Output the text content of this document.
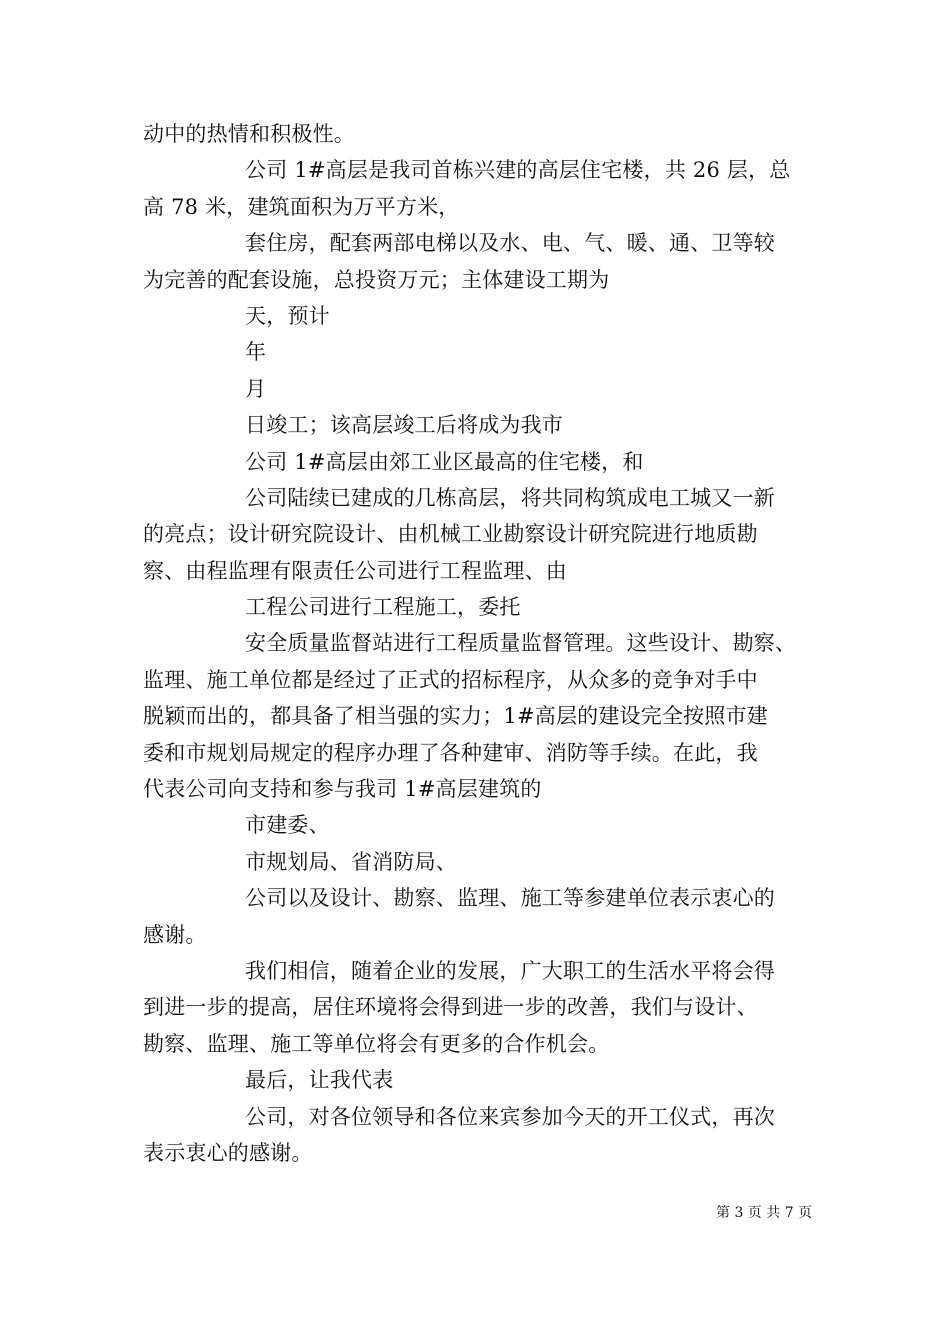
动中的热情和积极性。
公司 1#高层是我司首栋兴建的高层住宅楼，共 26 层，总
高 78 米，建筑面积为万平方米，
套住房，配套两部电梯以及水、电、气、暖、通、卫等较
为完善的配套设施，总投资万元；主体建设工期为
天，预计
年
月
日竣工；该高层竣工后将成为我市
公司 1#高层由郊工业区最高的住宅楼，和
公司陆续已建成的几栋高层，将共同构筑成电工城又一新
的亮点；设计研究院设计、由机械工业勘察设计研究院进行地质勘
察、由程监理有限责任公司进行工程监理、由
工程公司进行工程施工，委托
安全质量监督站进行工程质量监督管理。这些设计、勘察、
监理、施工单位都是经过了正式的招标程序，从众多的竞争对手中
脱颖而出的，都具备了相当强的实力；1#高层的建设完全按照市建
委和市规划局规定的程序办理了各种建审、消防等手续。在此，我
代表公司向支持和参与我司 1#高层建筑的
市建委、
市规划局、省消防局、
公司以及设计、勘察、监理、施工等参建单位表示衷心的
感谢。
我们相信，随着企业的发展，广大职工的生活水平将会得
到进一步的提高，居住环境将会得到进一步的改善，我们与设计、
勘察、监理、施工等单位将会有更多的合作机会。
最后，让我代表
公司，对各位领导和各位来宾参加今天的开工仪式，再次
表示衷心的感谢。
第 3 页 共 7 页
